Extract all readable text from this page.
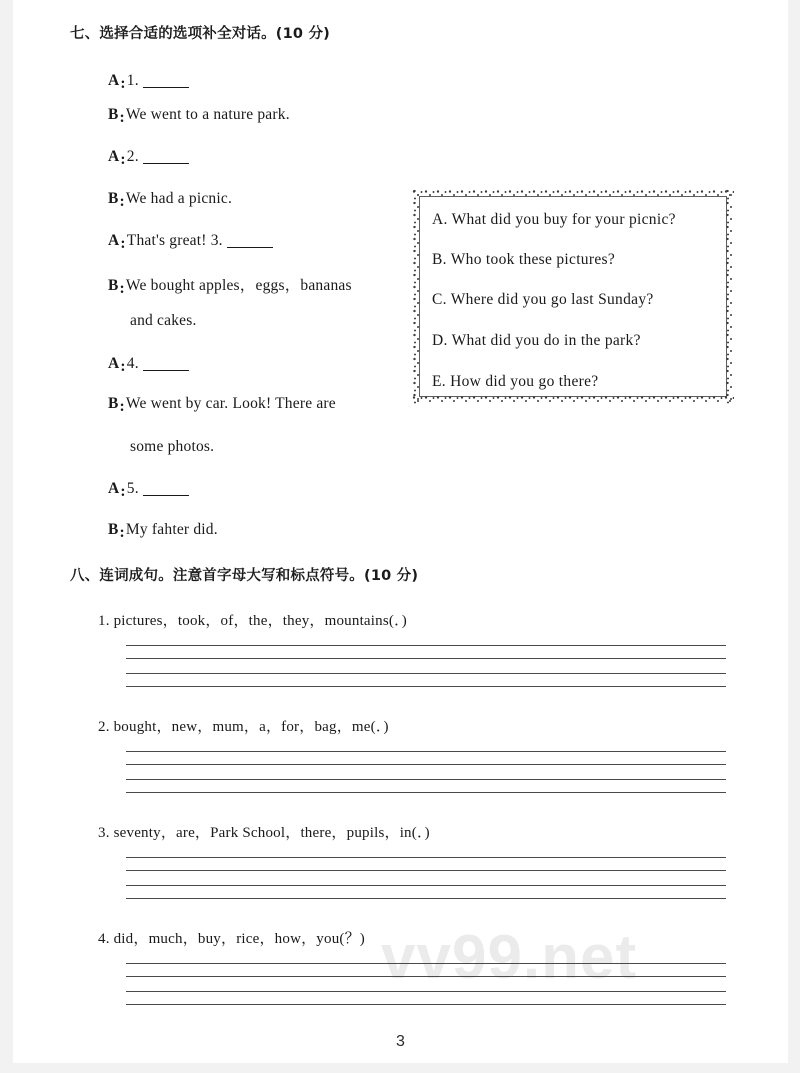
vv99.net
七、选择合适的选项补全对话。(10 分)
A:1.
B:We went to a nature park.
A:2.
B:We had a picnic.
A:That's great! 3.
B:We bought apples，eggs，bananas
and cakes.
A:4.
B:We went by car. Look! There are
some photos.
A:5.
B:My fahter did.
A. What did you buy for your picnic?
B. Who took these pictures?
C. Where did you go last Sunday?
D. What did you do in the park?
E. How did you go there?
八、连词成句。注意首字母大写和标点符号。(10 分)
1. pictures，took，of，the，they，mountains(．)
2. bought，new，mum，a，for，bag，me(．)
3. seventy，are，Park School，there，pupils，in(．)
4. did，much，buy，rice，how，you(？)
3
